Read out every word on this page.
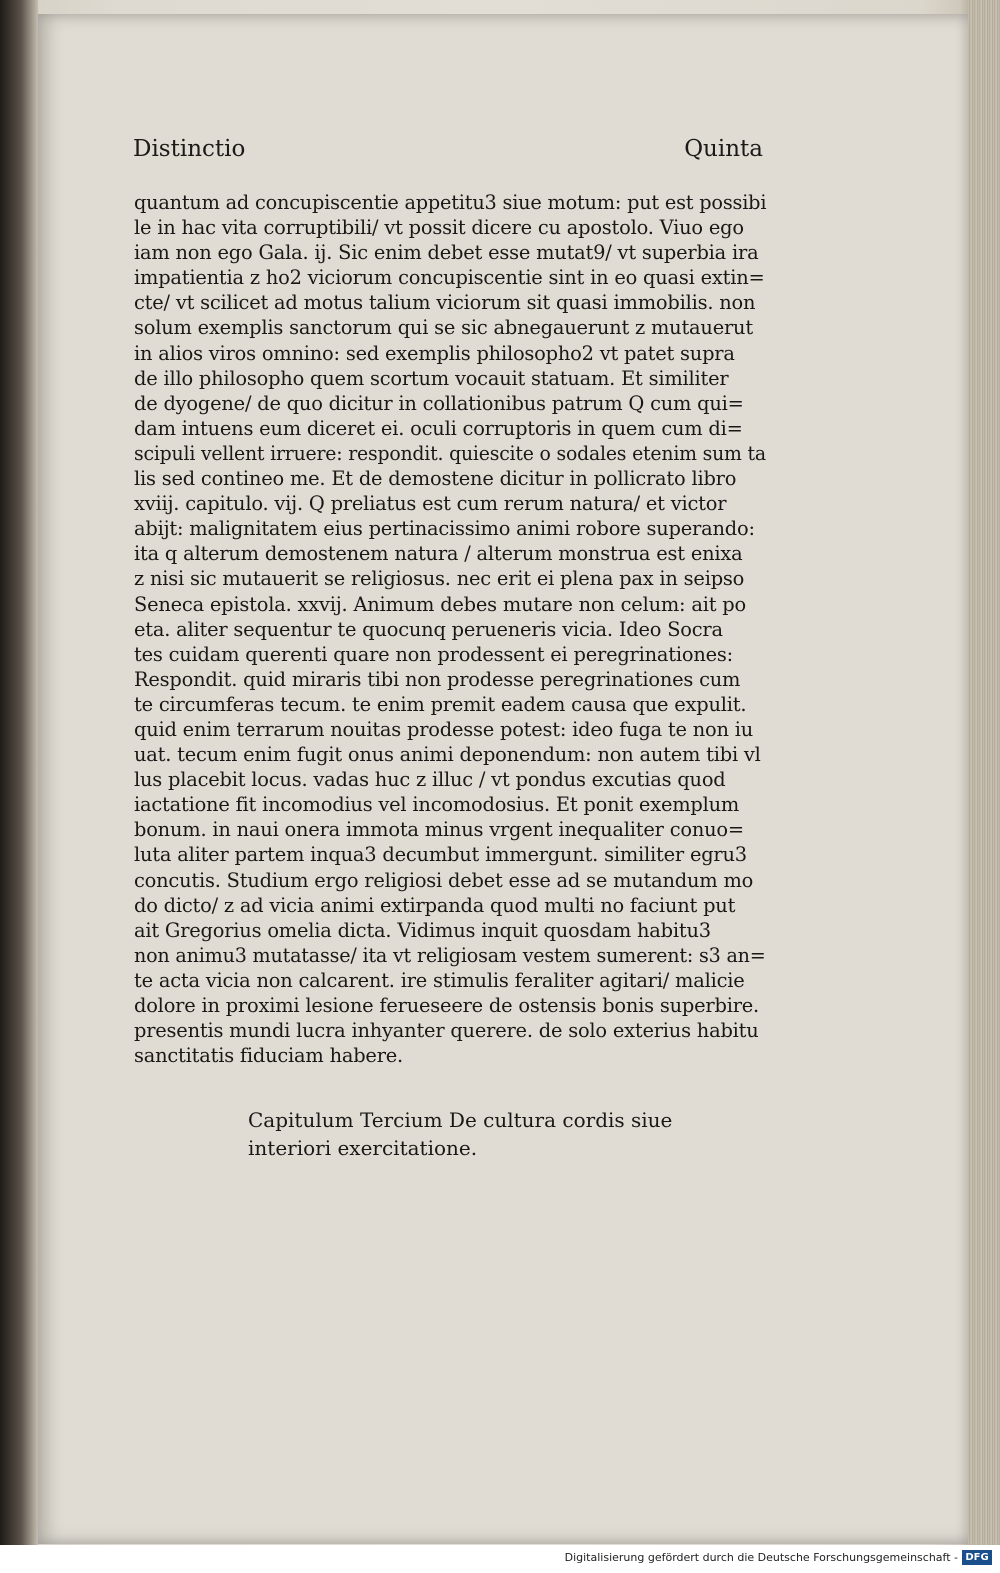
Distinctio	Quinta
quantum ad concupiscentie appetitu3 siue motum: put est possibi
le in hac vita corruptibili/ vt possit dicere cu apostolo. Viuo ego
iam non ego Gala. ij. Sic enim debet esse mutat9/ vt superbia ira
impatientia z ho2 viciorum concupiscentie sint in eo quasi extin=
cte/ vt scilicet ad motus talium viciorum sit quasi immobilis. non
solum exemplis sanctorum qui se sic abnegauerunt z mutauerut
in alios viros omnino: sed exemplis philosopho2 vt patet supra
de illo philosopho quem scortum vocauit statuam. Et similiter
de dyogene/ de quo dicitur in collationibus patrum Q cum qui=
dam intuens eum diceret ei. oculi corruptoris in quem cum di=
scipuli vellent irruere: respondit. quiescite o sodales etenim sum ta
lis sed contineo me. Et de demostene dicitur in pollicrato libro
xviij. capitulo. vij. Q preliatus est cum rerum natura/ et victor
abijt: malignitatem eius pertinacissimo animi robore superando:
ita q alterum demostenem natura / alterum monstrua est enixa
z nisi sic mutauerit se religiosus. nec erit ei plena pax in seipso
Seneca epistola. xxvij. Animum debes mutare non celum: ait po
eta. aliter sequentur te quocunq perueneris vicia. Ideo Socra
tes cuidam querenti quare non prodessent ei peregrinationes:
Respondit. quid miraris tibi non prodesse peregrinationes cum
te circumferas tecum. te enim premit eadem causa que expulit.
quid enim terrarum nouitas prodesse potest: ideo fuga te non iu
uat. tecum enim fugit onus animi deponendum: non autem tibi vl
lus placebit locus. vadas huc z illuc / vt pondus excutias quod
iactatione fit incomodius vel incomodosius. Et ponit exemplum
bonum. in naui onera immota minus vrgent inequaliter conuo=
luta aliter partem inqua3 decumbut immergunt. similiter egru3
concutis. Studium ergo religiosi debet esse ad se mutandum mo
do dicto/ z ad vicia animi extirpanda quod multi no faciunt put
ait Gregorius omelia dicta. Vidimus inquit quosdam habitu3
non animu3 mutatasse/ ita vt religiosam vestem sumerent: s3 an=
te acta vicia non calcarent. ire stimulis feraliter agitari/ malicie
dolore in proximi lesione ferueseere de ostensis bonis superbire.
presentis mundi lucra inhyanter querere. de solo exterius habitu
sanctitatis fiduciam habere.
Capitulum Tercium De cultura cordis siue
interiori exercitatione.
Digitalisierung gefördert durch die Deutsche Forschungsgemeinschaft - DFG
